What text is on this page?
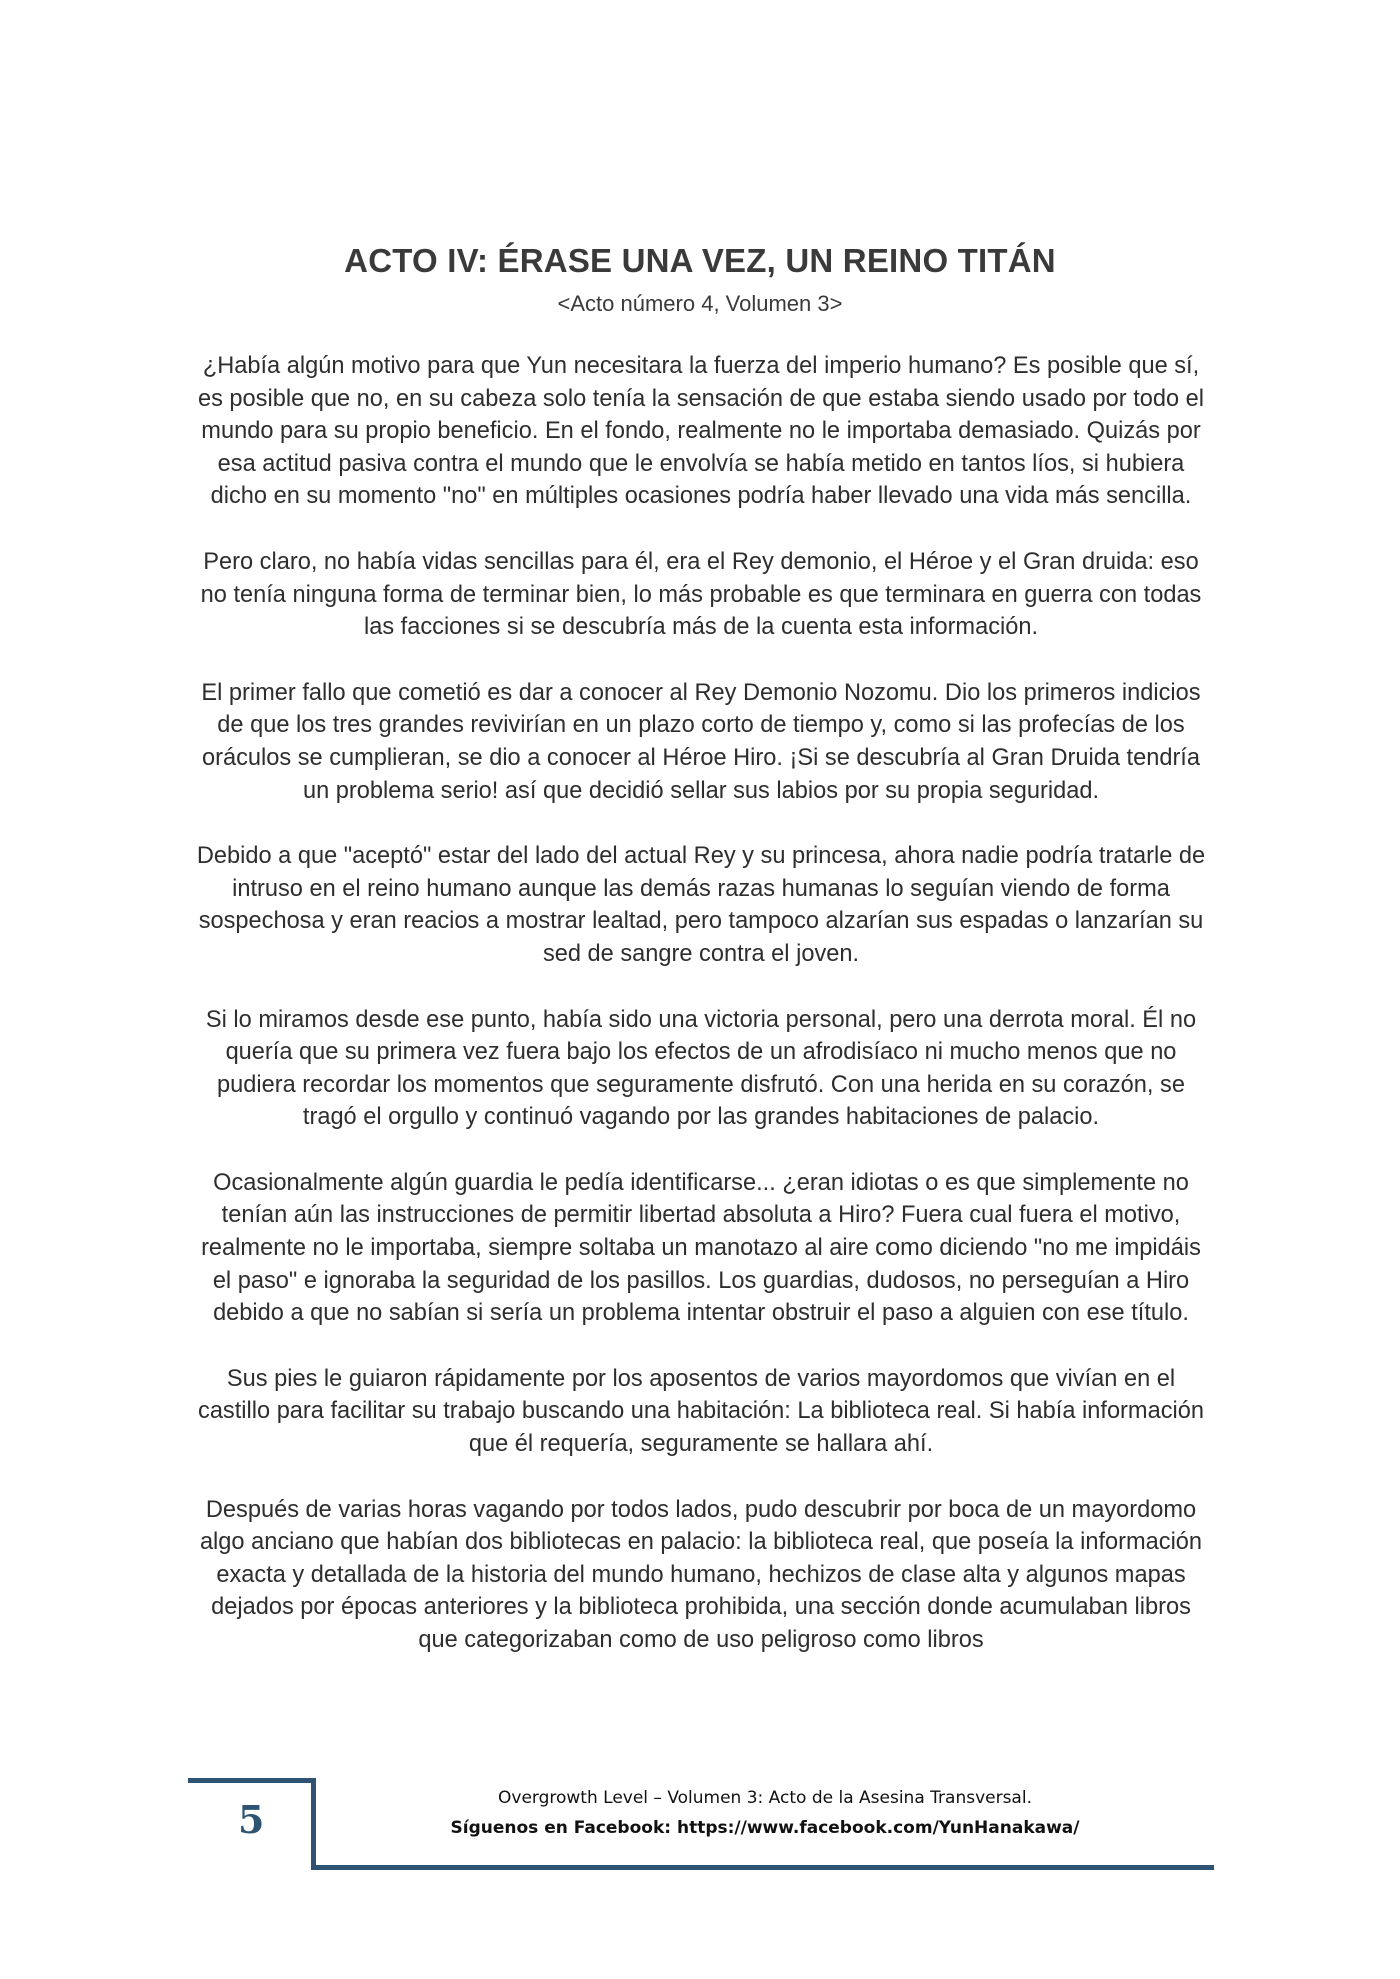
ACTO IV: ÉRASE UNA VEZ, UN REINO TITÁN
<Acto número 4, Volumen 3>

¿Había algún motivo para que Yun necesitara la fuerza del imperio humano? Es posible que sí, es posible que no, en su cabeza solo tenía la sensación de que estaba siendo usado por todo el mundo para su propio beneficio. En el fondo, realmente no le importaba demasiado. Quizás por esa actitud pasiva contra el mundo que le envolvía se había metido en tantos líos, si hubiera dicho en su momento "no" en múltiples ocasiones podría haber llevado una vida más sencilla.

Pero claro, no había vidas sencillas para él, era el Rey demonio, el Héroe y el Gran druida: eso no tenía ninguna forma de terminar bien, lo más probable es que terminara en guerra con todas las facciones si se descubría más de la cuenta esta información.

El primer fallo que cometió es dar a conocer al Rey Demonio Nozomu. Dio los primeros indicios de que los tres grandes revivirían en un plazo corto de tiempo y, como si las profecías de los oráculos se cumplieran, se dio a conocer al Héroe Hiro. ¡Si se descubría al Gran Druida tendría un problema serio! así que decidió sellar sus labios por su propia seguridad.

Debido a que "aceptó" estar del lado del actual Rey y su princesa, ahora nadie podría tratarle de intruso en el reino humano aunque las demás razas humanas lo seguían viendo de forma sospechosa y eran reacios a mostrar lealtad, pero tampoco alzarían sus espadas o lanzarían su sed de sangre contra el joven.

Si lo miramos desde ese punto, había sido una victoria personal, pero una derrota moral. Él no quería que su primera vez fuera bajo los efectos de un afrodisíaco ni mucho menos que no pudiera recordar los momentos que seguramente disfrutó. Con una herida en su corazón, se tragó el orgullo y continuó vagando por las grandes habitaciones de palacio.

Ocasionalmente algún guardia le pedía identificarse... ¿eran idiotas o es que simplemente no tenían aún las instrucciones de permitir libertad absoluta a Hiro? Fuera cual fuera el motivo, realmente no le importaba, siempre soltaba un manotazo al aire como diciendo "no me impidáis el paso" e ignoraba la seguridad de los pasillos. Los guardias, dudosos, no perseguían a Hiro debido a que no sabían si sería un problema intentar obstruir el paso a alguien con ese título.

Sus pies le guiaron rápidamente por los aposentos de varios mayordomos que vivían en el castillo para facilitar su trabajo buscando una habitación: La biblioteca real. Si había información que él requería, seguramente se hallara ahí.

Después de varias horas vagando por todos lados, pudo descubrir por boca de un mayordomo algo anciano que habían dos bibliotecas en palacio: la biblioteca real, que poseía la información exacta y detallada de la historia del mundo humano, hechizos de clase alta y algunos mapas dejados por épocas anteriores y la biblioteca prohibida, una sección donde acumulaban libros que categorizaban como de uso peligroso como libros

5	Overgrowth Level – Volumen 3: Acto de la Asesina Transversal.
Síguenos en Facebook: https://www.facebook.com/YunHanakawa/
